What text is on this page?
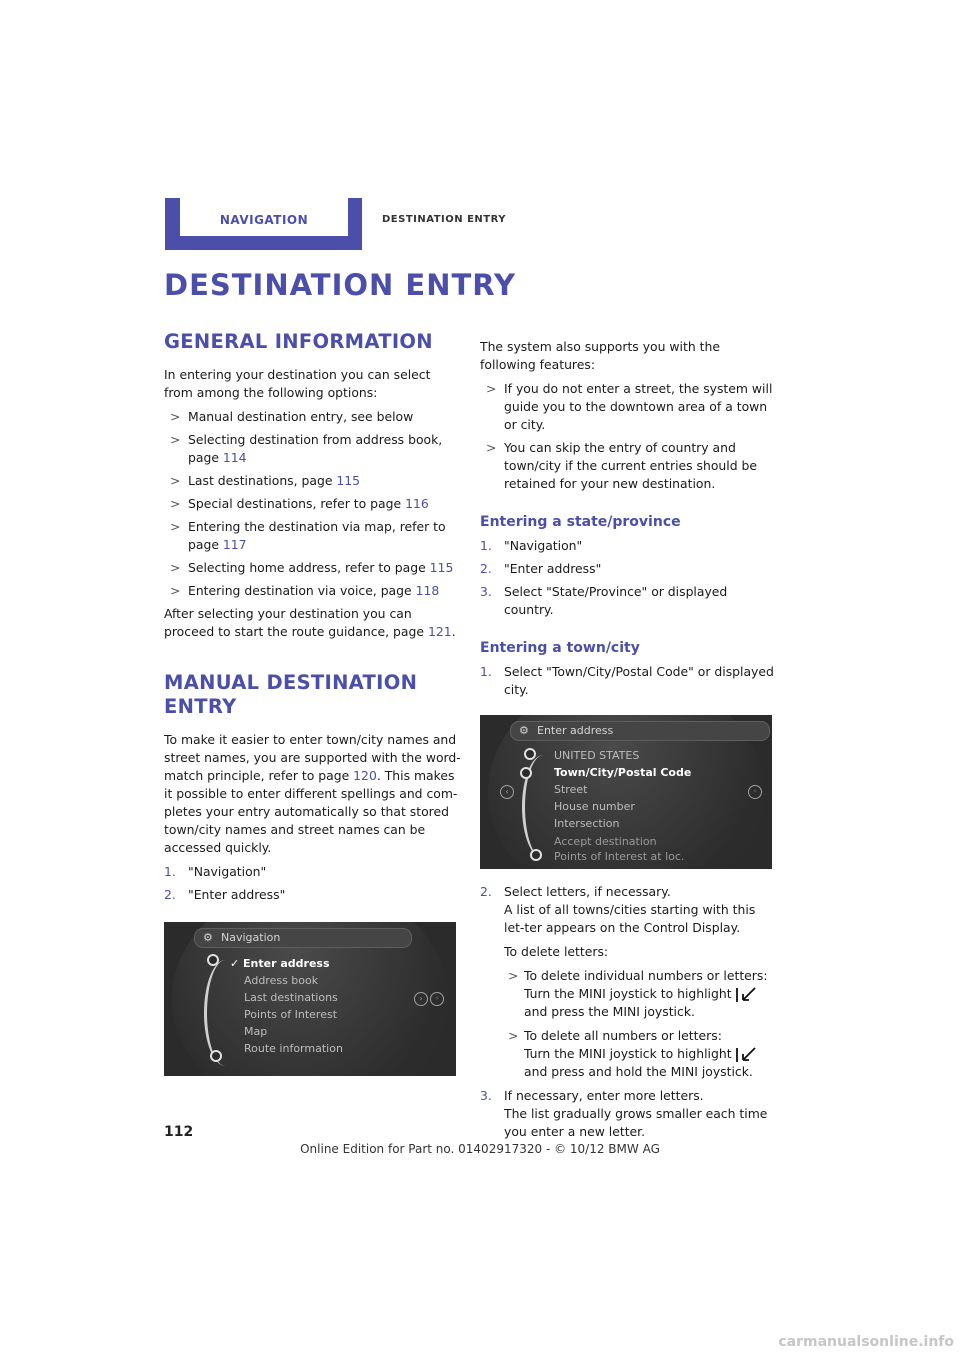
NAVIGATION	DESTINATION ENTRY
DESTINATION ENTRY
GENERAL INFORMATION

In entering your destination you can select from among the following options:

> Manual destination entry, see below
> Selecting destination from address book, page 114
> Last destinations, page 115
> Special destinations, refer to page 116
> Entering the destination via map, refer to page 117
> Selecting home address, refer to page 115
> Entering destination via voice, page 118

After selecting your destination you can proceed to start the route guidance, page 121.

MANUAL DESTINATION
ENTRY

To make it easier to enter town/city names and street names, you are supported with the word-match principle, refer to page 120. This makes it possible to enter different spellings and com-pletes your entry automatically so that stored town/city names and street names can be accessed quickly.

1. "Navigation"
2. "Enter address"
⚙ Navigation
✓ Enter address
Address book
Last destinations
Points of Interest
Map
Route information
›	◦

The system also supports you with the following features:

> If you do not enter a street, the system will guide you to the downtown area of a town or city.
> You can skip the entry of country and town/city if the current entries should be retained for your new destination.
Entering a state/province
1. "Navigation"
2. "Enter address"
3. Select "State/Province" or displayed country.
Entering a town/city
1. Select "Town/City/Postal Code" or displayed city.
⚙ Enter address
‹	◦
UNITED STATES
Town/City/Postal Code
Street
House number
Intersection
Accept destination
Points of Interest at loc.
2. Select letters, if necessary.
A list of all towns/cities starting with this let-ter appears on the Control Display.

To delete letters:

> To delete individual numbers or letters:
Turn the MINI joystick to highlight
and press the MINI joystick.
> To delete all numbers or letters:
Turn the MINI joystick to highlight
and press and hold the MINI joystick.
3. If necessary, enter more letters.
The list gradually grows smaller each time you enter a new letter.
112
Online Edition for Part no. 01402917320 - © 10/12 BMW AG
carmanualsonline.info
